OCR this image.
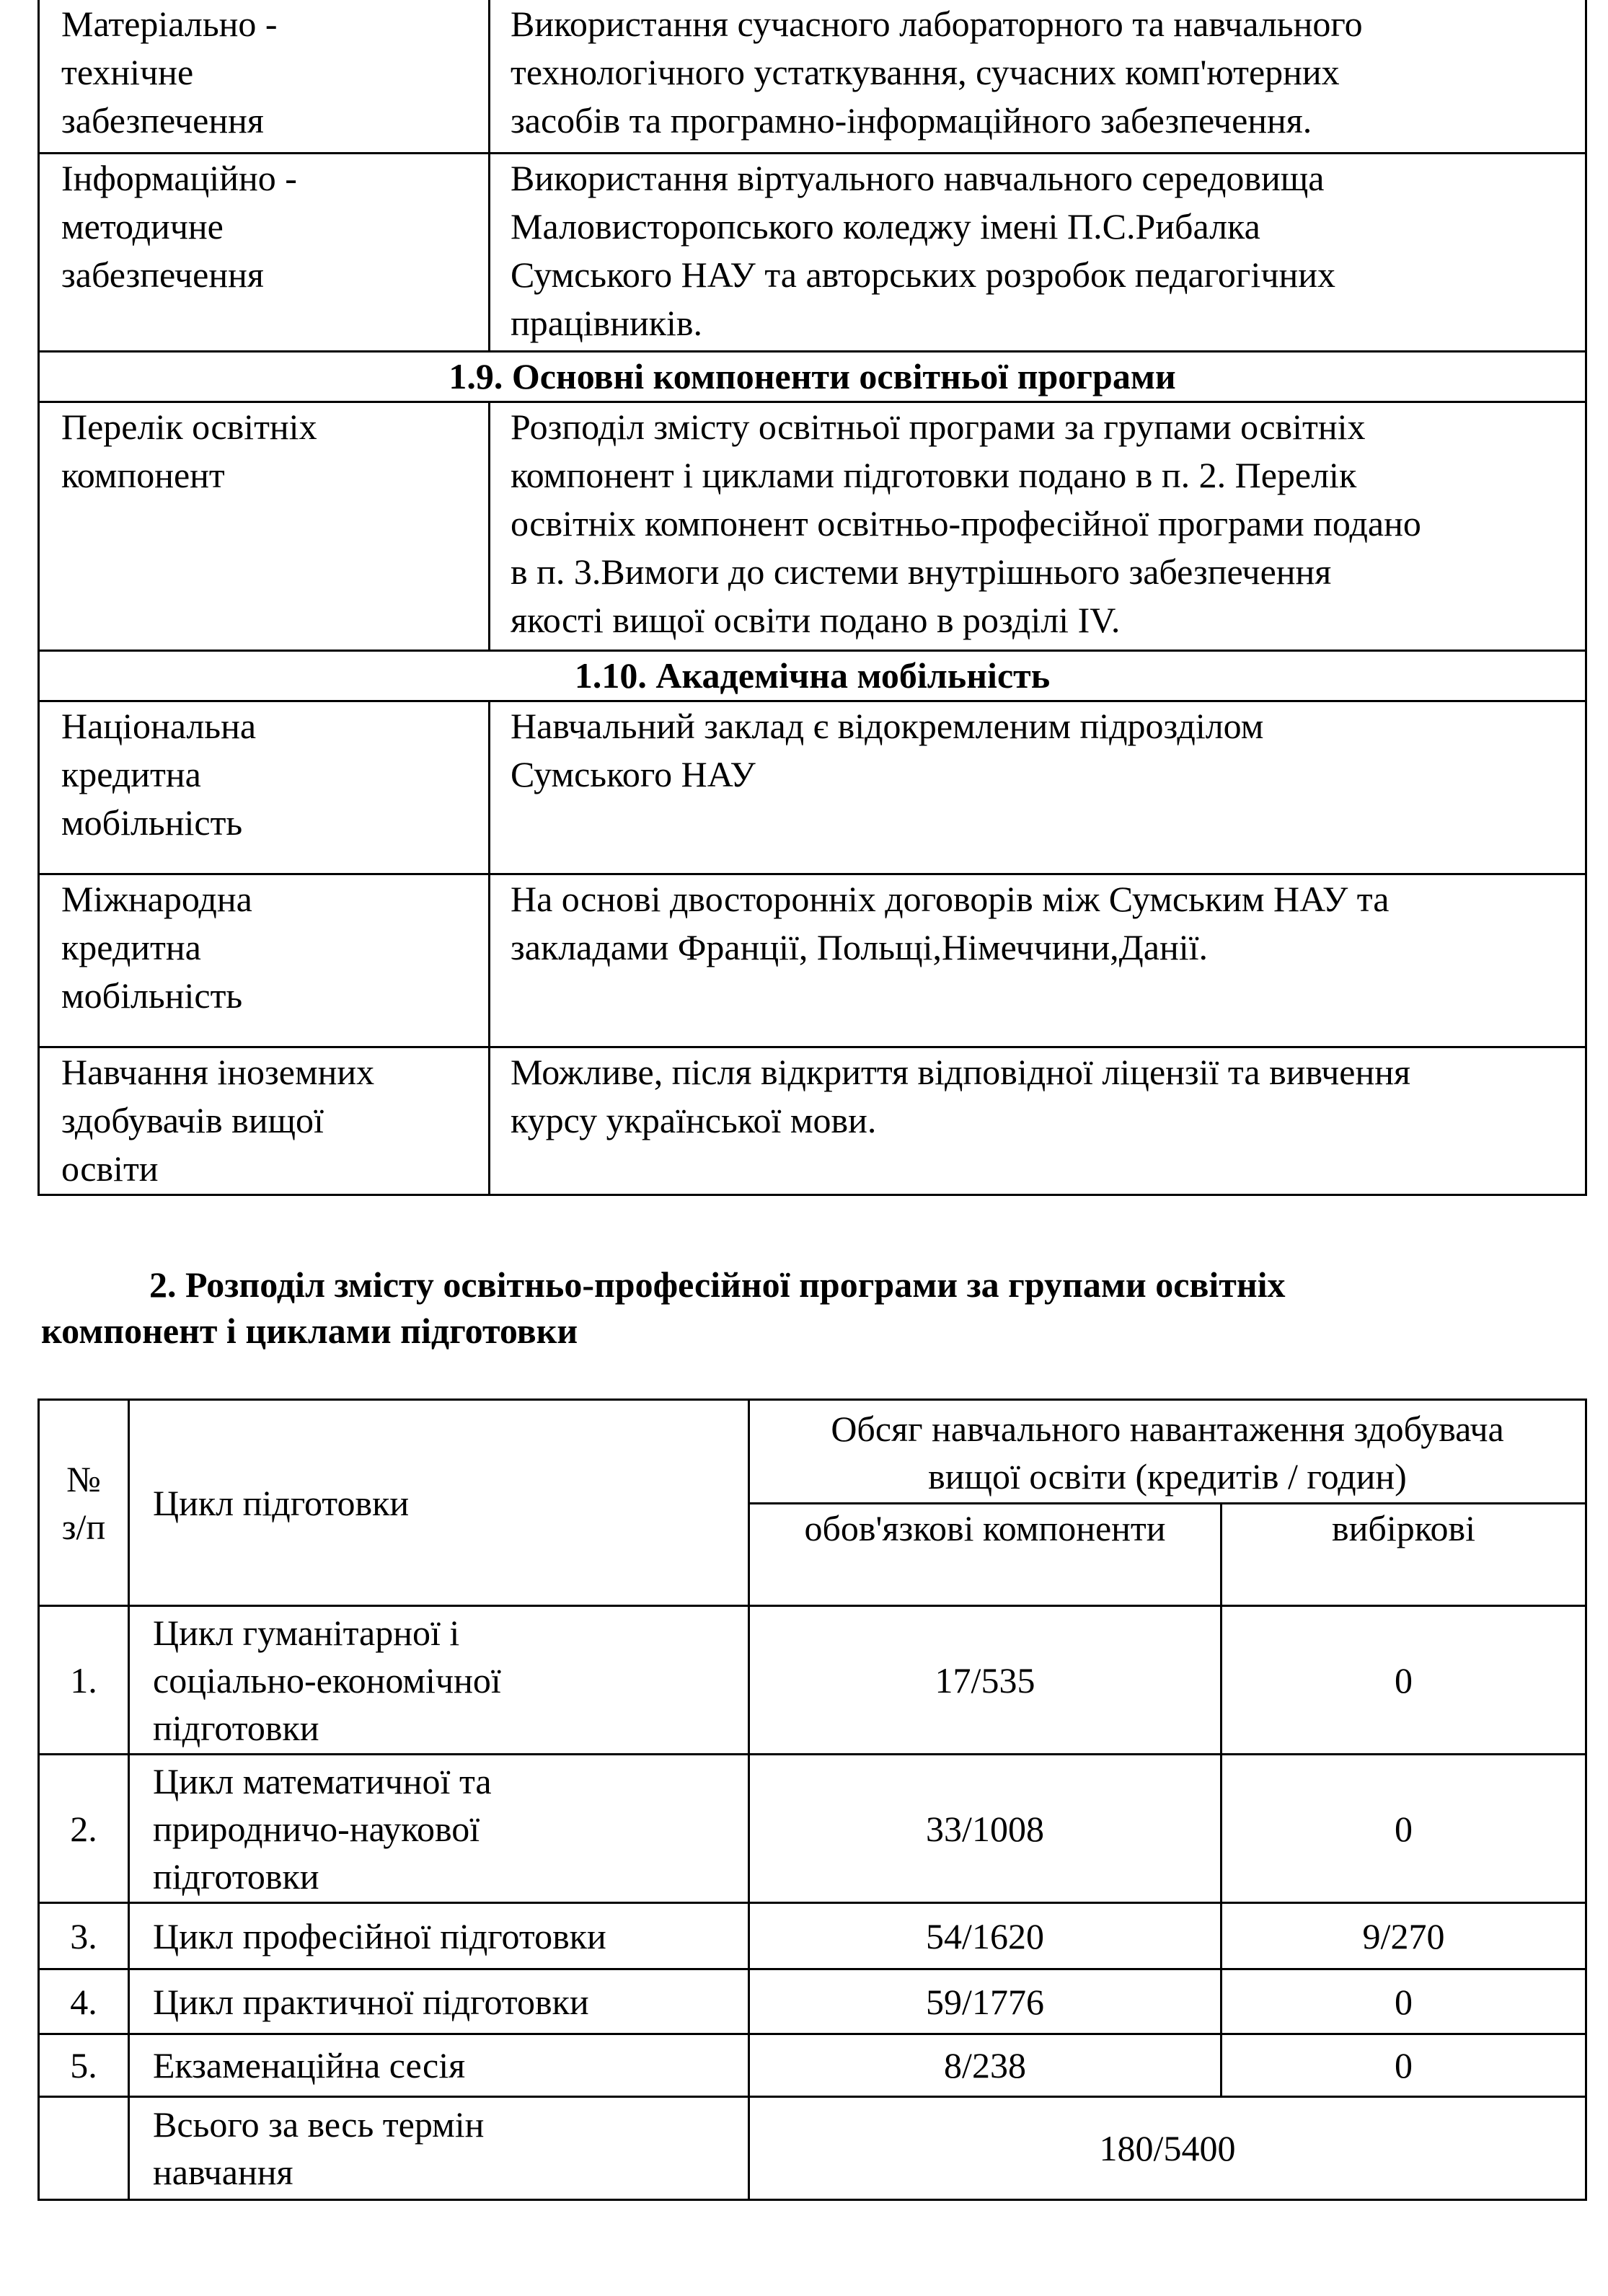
Матеріально -
технічне
забезпечення	Використання сучасного лабораторного та навчального
технологічного устаткування, сучасних комп'ютерних
засобів та програмно-інформаційного забезпечення.
Інформаційно -
методичне
забезпечення	Використання віртуального навчального середовища
Маловисторопського коледжу імені П.С.Рибалка
Сумського НАУ та авторських розробок педагогічних
працівників.
1.9. Основні компоненти освітньої програми	
Перелік освітніх
компонент	Розподіл змісту освітньої програми за групами освітніх
компонент і циклами підготовки подано в п. 2. Перелік
освітніх компонент освітньо-професійної програми подано
в п. 3.Вимоги до системи внутрішнього забезпечення
якості вищої освіти подано в розділі IV.
1.10. Академічна мобільність	
Національна
кредитна
мобільність	Навчальний заклад є відокремленим підрозділом
Сумського НАУ
Міжнародна
кредитна
мобільність	На основі двосторонніх договорів між Сумським НАУ та
закладами Франції, Польщі,Німеччини,Данії.
Навчання іноземних
здобувачів вищої
освіти	Можливе, після відкриття відповідної ліцензії та вивчення
курсу української мови.
2. Розподіл змісту освітньо-професійної програми за групами освітніх
компонент і циклами підготовки
№
з/п	Цикл підготовки	Обсяг навчального навантаження здобувача
вищої освіти (кредитів / годин)	
		обов'язкові компоненти	вибіркові
1.	Цикл гуманітарної і
соціально-економічної
підготовки	17/535	0
2.	Цикл математичної та
природничо-наукової
підготовки	33/1008	0
3.	Цикл професійної підготовки	54/1620	9/270
4.	Цикл практичної підготовки	59/1776	0
5.	Екзаменаційна сесія	8/238	0
	Всього за весь термін
навчання	180/5400	
